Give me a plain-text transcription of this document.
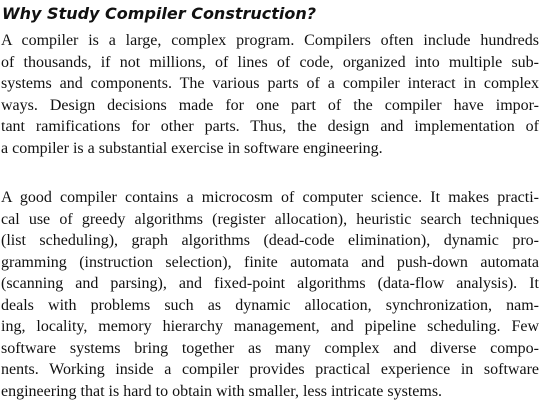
Why Study Compiler Construction?

A compiler is a large, complex program. Compilers often include hundreds
of thousands, if not millions, of lines of code, organized into multiple sub-
systems and components. The various parts of a compiler interact in complex
ways. Design decisions made for one part of the compiler have impor-
tant ramifications for other parts. Thus, the design and implementation of
a compiler is a substantial exercise in software engineering.

A good compiler contains a microcosm of computer science. It makes practi-
cal use of greedy algorithms (register allocation), heuristic search techniques
(list scheduling), graph algorithms (dead-code elimination), dynamic pro-
gramming (instruction selection), finite automata and push-down automata
(scanning and parsing), and fixed-point algorithms (data-flow analysis). It
deals with problems such as dynamic allocation, synchronization, nam-
ing, locality, memory hierarchy management, and pipeline scheduling. Few
software systems bring together as many complex and diverse compo-
nents. Working inside a compiler provides practical experience in software
engineering that is hard to obtain with smaller, less intricate systems.
